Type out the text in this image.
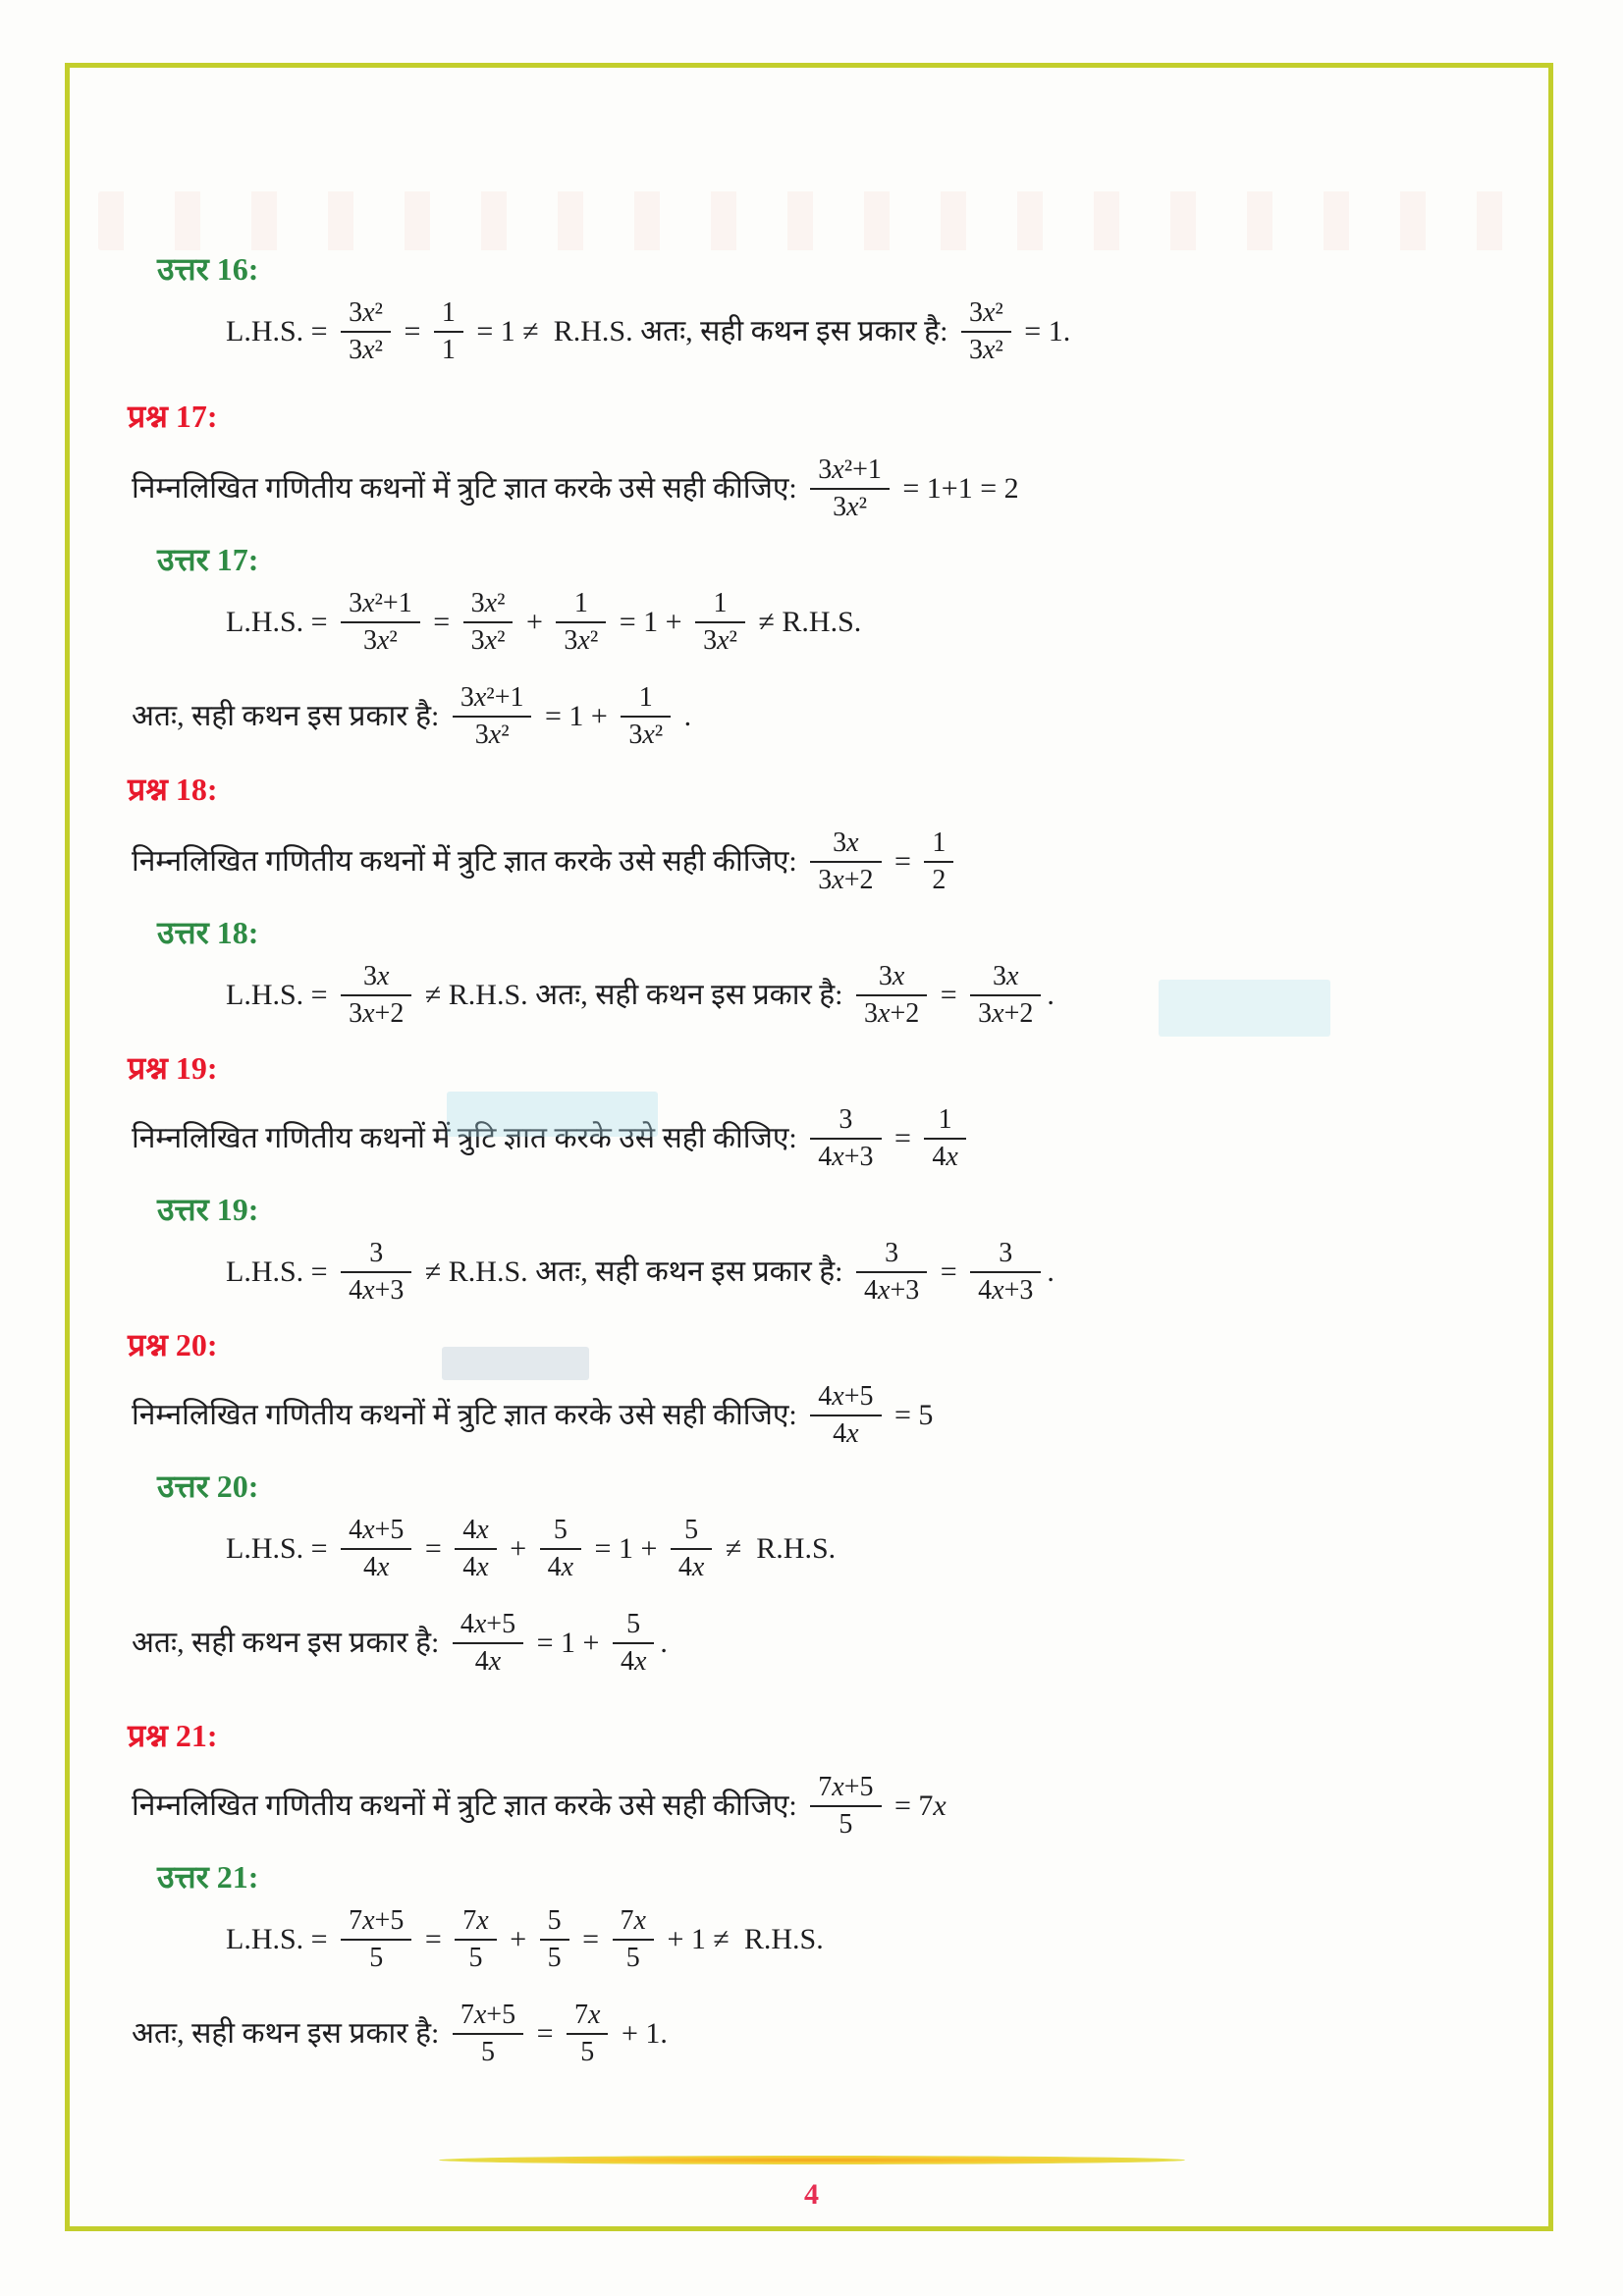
उत्तर 16:
L.H.S. = $\frac{\text{3x²}}{\text{3x²}} = \frac{1}{1} = 1 \ne R.H.S$. अतः, सही कथन इस प्रकार है: $\frac{\text{3x²}}{\text{3x²}} = 1$.
प्रश्न 17:
निम्नलिखित गणितीय कथनों में त्रुटि ज्ञात करके उसे सही कीजिए: $\frac{\text{3x²+1}}{\text{3x²}} = 1+1 = 2$
उत्तर 17:
L.H.S. = $\frac{\text{3x²+1}}{\text{3x²}} = \frac{\text{3x²}}{\text{3x²}} + \frac{1}{\text{3x²}} = 1 + \frac{1}{\text{3x²}} \ne R.H.S$.
अतः, सही कथन इस प्रकार है: $\frac{\text{3x²+1}}{\text{3x²}} = 1 + \frac{1}{\text{3x²}}$ .
प्रश्न 18:
निम्नलिखित गणितीय कथनों में त्रुटि ज्ञात करके उसे सही कीजिए: $\frac{3x}{3x+2} = \frac{1}{2}$
उत्तर 18:
L.H.S. = $\frac{3x}{3x+2} \ne R.H.S$. अतः, सही कथन इस प्रकार है: $\frac{3x}{3x+2} = \frac{3x}{3x+2}$ .
प्रश्न 19:
निम्नलिखित गणितीय कथनों में त्रुटि ज्ञात करके उसे सही कीजिए: $\frac{3}{4x+3} = \frac{1}{4x}$
उत्तर 19:
L.H.S. = $\frac{3}{4x+3} \ne R.H.S$. अतः, सही कथन इस प्रकार है: $\frac{3}{4x+3} = \frac{3}{4x+3}$ .
प्रश्न 20:
निम्नलिखित गणितीय कथनों में त्रुटि ज्ञात करके उसे सही कीजिए: $\frac{4x+5}{4x} = 5$
उत्तर 20:
L.H.S. = $\frac{4x+5}{4x} = \frac{4x}{4x} + \frac{5}{4x} = 1 + \frac{5}{4x} \ne R.H.S$.
अतः, सही कथन इस प्रकार है: $\frac{4x+5}{4x} = 1 + \frac{5}{4x}$ .
प्रश्न 21:
निम्नलिखित गणितीय कथनों में त्रुटि ज्ञात करके उसे सही कीजिए: $\frac{7x+5}{5} = 7x$
उत्तर 21:
L.H.S. = $\frac{7x+5}{5} = \frac{7x}{5} + \frac{5}{5} = \frac{7x}{5} + 1 \ne R.H.S$.
अतः, सही कथन इस प्रकार है: $\frac{7x+5}{5} = \frac{7x}{5} + 1$.
4
